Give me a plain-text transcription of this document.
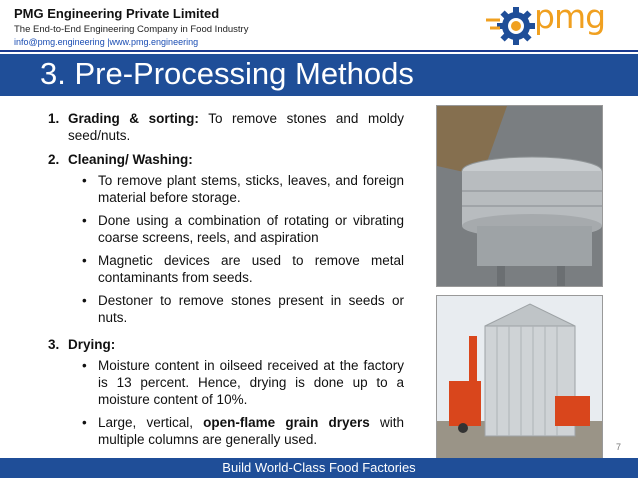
PMG Engineering Private Limited
The End-to-End Engineering Company in Food Industry
info@pmg.engineering |www.pmg.engineering
pmg
3. Pre-Processing Methods
1. Grading & sorting: To remove stones and moldy seed/nuts.

2. Cleaning/ Washing:

• To remove plant stems, sticks, leaves, and foreign material before storage.
• Done using a combination of rotating or vibrating coarse screens, reels, and aspiration
• Magnetic devices are used to remove metal contaminants from seeds.
• Destoner to remove stones present in seeds or nuts.
3. Drying:

• Moisture content in oilseed received at the factory is 13 percent. Hence, drying is done up to a moisture content of 10%.
• Large, vertical, open-flame grain dryers with multiple columns are generally used.	7
Build World-Class Food Factories
